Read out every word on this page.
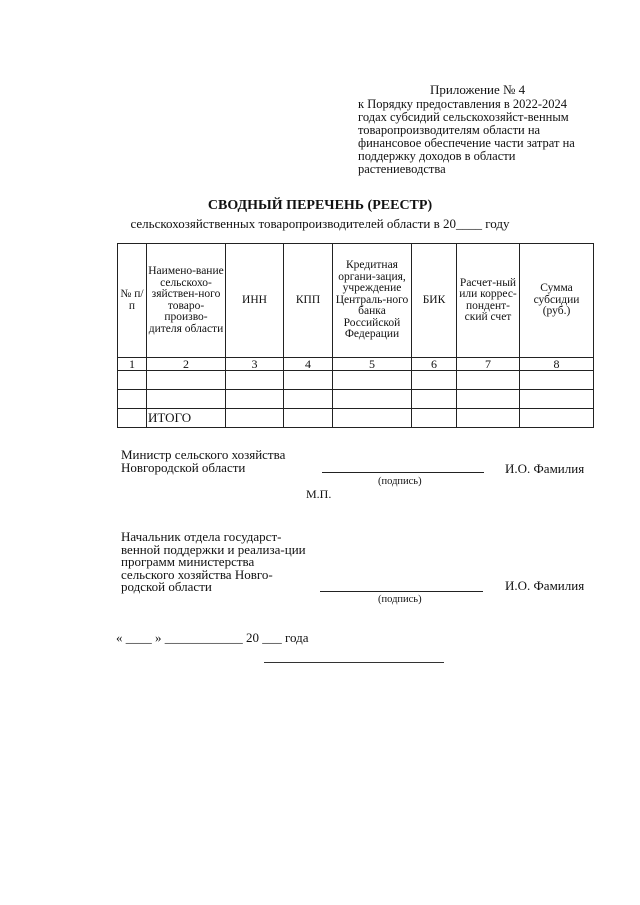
Приложение № 4
к Порядку предоставления в 2022-2024 годах субсидий сельскохозяйст-венным товаропроизводителям области на финансовое обеспечение части затрат на поддержку доходов в области растениеводства
СВОДНЫЙ ПЕРЕЧЕНЬ (РЕЕСТР)
сельскохозяйственных товаропроизводителей области в 20____ году
№ п/п	Наимено-вание сельскохо-зяйствен-ного товаро-произво-дителя области	ИНН	КПП	Кредитная органи-зация, учреждение Централь-ного банка Российской Федерации	БИК	Расчет-ный или коррес-пондент-ский счет	Сумма субсидии (руб.)
1	2	3	4	5	6	7	8

	ИТОГО						
Министр сельского хозяйства Новгородской области
(подпись)
И.О. Фамилия
М.П.
Начальник отдела государст-венной поддержки и реализа-ции программ министерства сельского хозяйства Новго-родской области
(подпись)
И.О. Фамилия
« ____ » ____________ 20 ___ года
